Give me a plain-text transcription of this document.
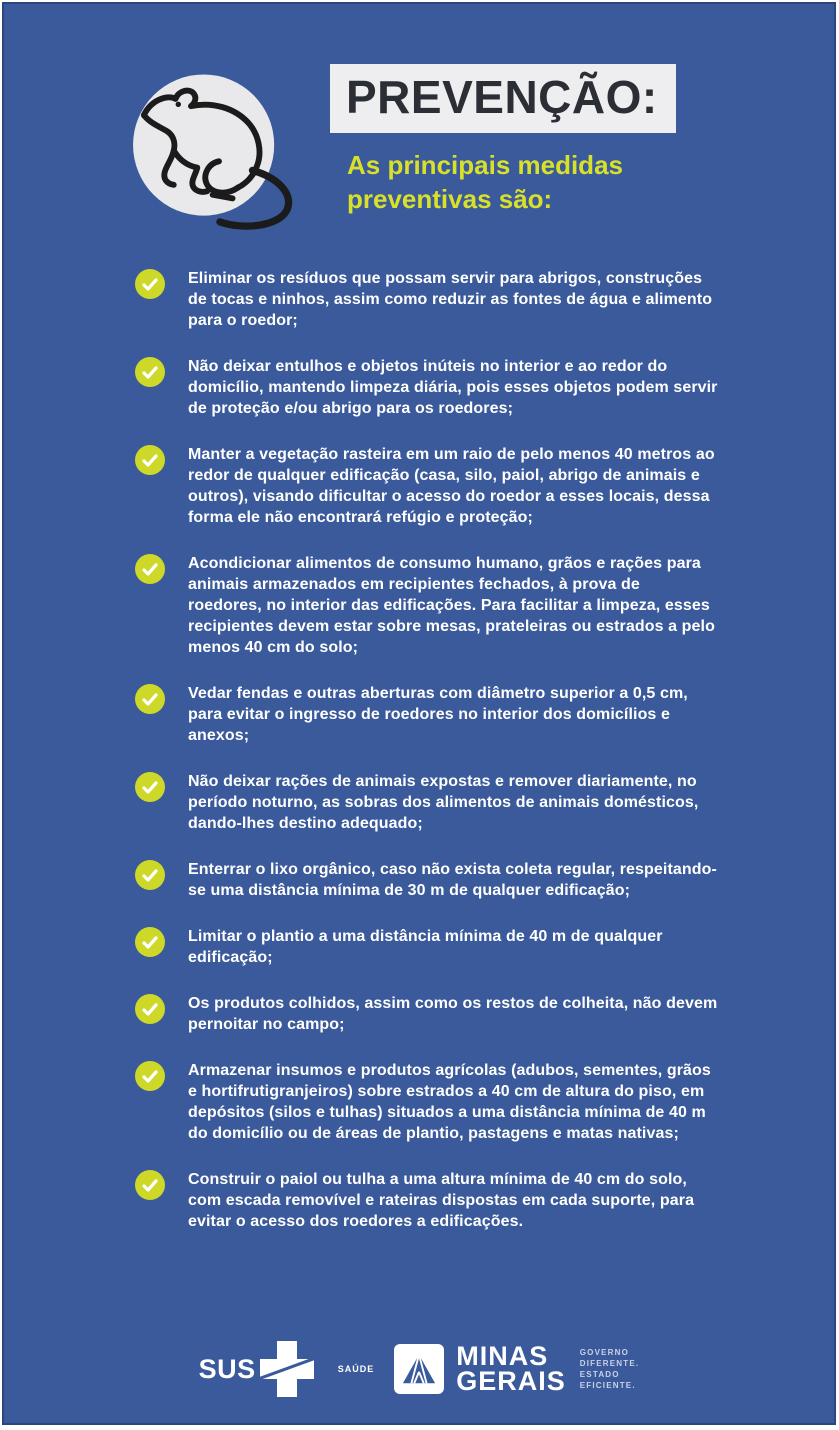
PREVENÇÃO:
As principais medidas preventivas são:

Eliminar os resíduos que possam servir para abrigos, construções de tocas e ninhos, assim como reduzir as fontes de água e alimento para o roedor;

Não deixar entulhos e objetos inúteis no interior e ao redor do domicílio, mantendo limpeza diária, pois esses objetos podem servir de proteção e/ou abrigo para os roedores;

Manter a vegetação rasteira em um raio de pelo menos 40 metros ao redor de qualquer edificação (casa, silo, paiol, abrigo de animais e outros), visando dificultar o acesso do roedor a esses locais, dessa forma ele não encontrará refúgio e proteção;

Acondicionar alimentos de consumo humano, grãos e rações para animais armazenados em recipientes fechados, à prova de roedores, no interior das edificações. Para facilitar a limpeza, esses recipientes devem estar sobre mesas, prateleiras ou estrados a pelo menos 40 cm do solo;

Vedar fendas e outras aberturas com diâmetro superior a 0,5 cm, para evitar o ingresso de roedores no interior dos domicílios e anexos;

Não deixar rações de animais expostas e remover diariamente, no período noturno, as sobras dos alimentos de animais domésticos, dando-lhes destino adequado;

Enterrar o lixo orgânico, caso não exista coleta regular, respeitando-se uma distância mínima de 30 m de qualquer edificação;

Limitar o plantio a uma distância mínima de 40 m de qualquer edificação;

Os produtos colhidos, assim como os restos de colheita, não devem pernoitar no campo;

Armazenar insumos e produtos agrícolas (adubos, sementes, grãos e hortifrutigranjeiros) sobre estrados a 40 cm de altura do piso, em depósitos (silos e tulhas) situados a uma distância mínima de 40 m do domicílio ou de áreas de plantio, pastagens e matas nativas;

Construir o paiol ou tulha a uma altura mínima de 40 cm do solo, com escada removível e rateiras dispostas em cada suporte, para evitar o acesso dos roedores a edificações.

SUS	SAÚDE	MINAS
GERAIS
GOVERNO
DIFERENTE.
ESTADO
EFICIENTE.
